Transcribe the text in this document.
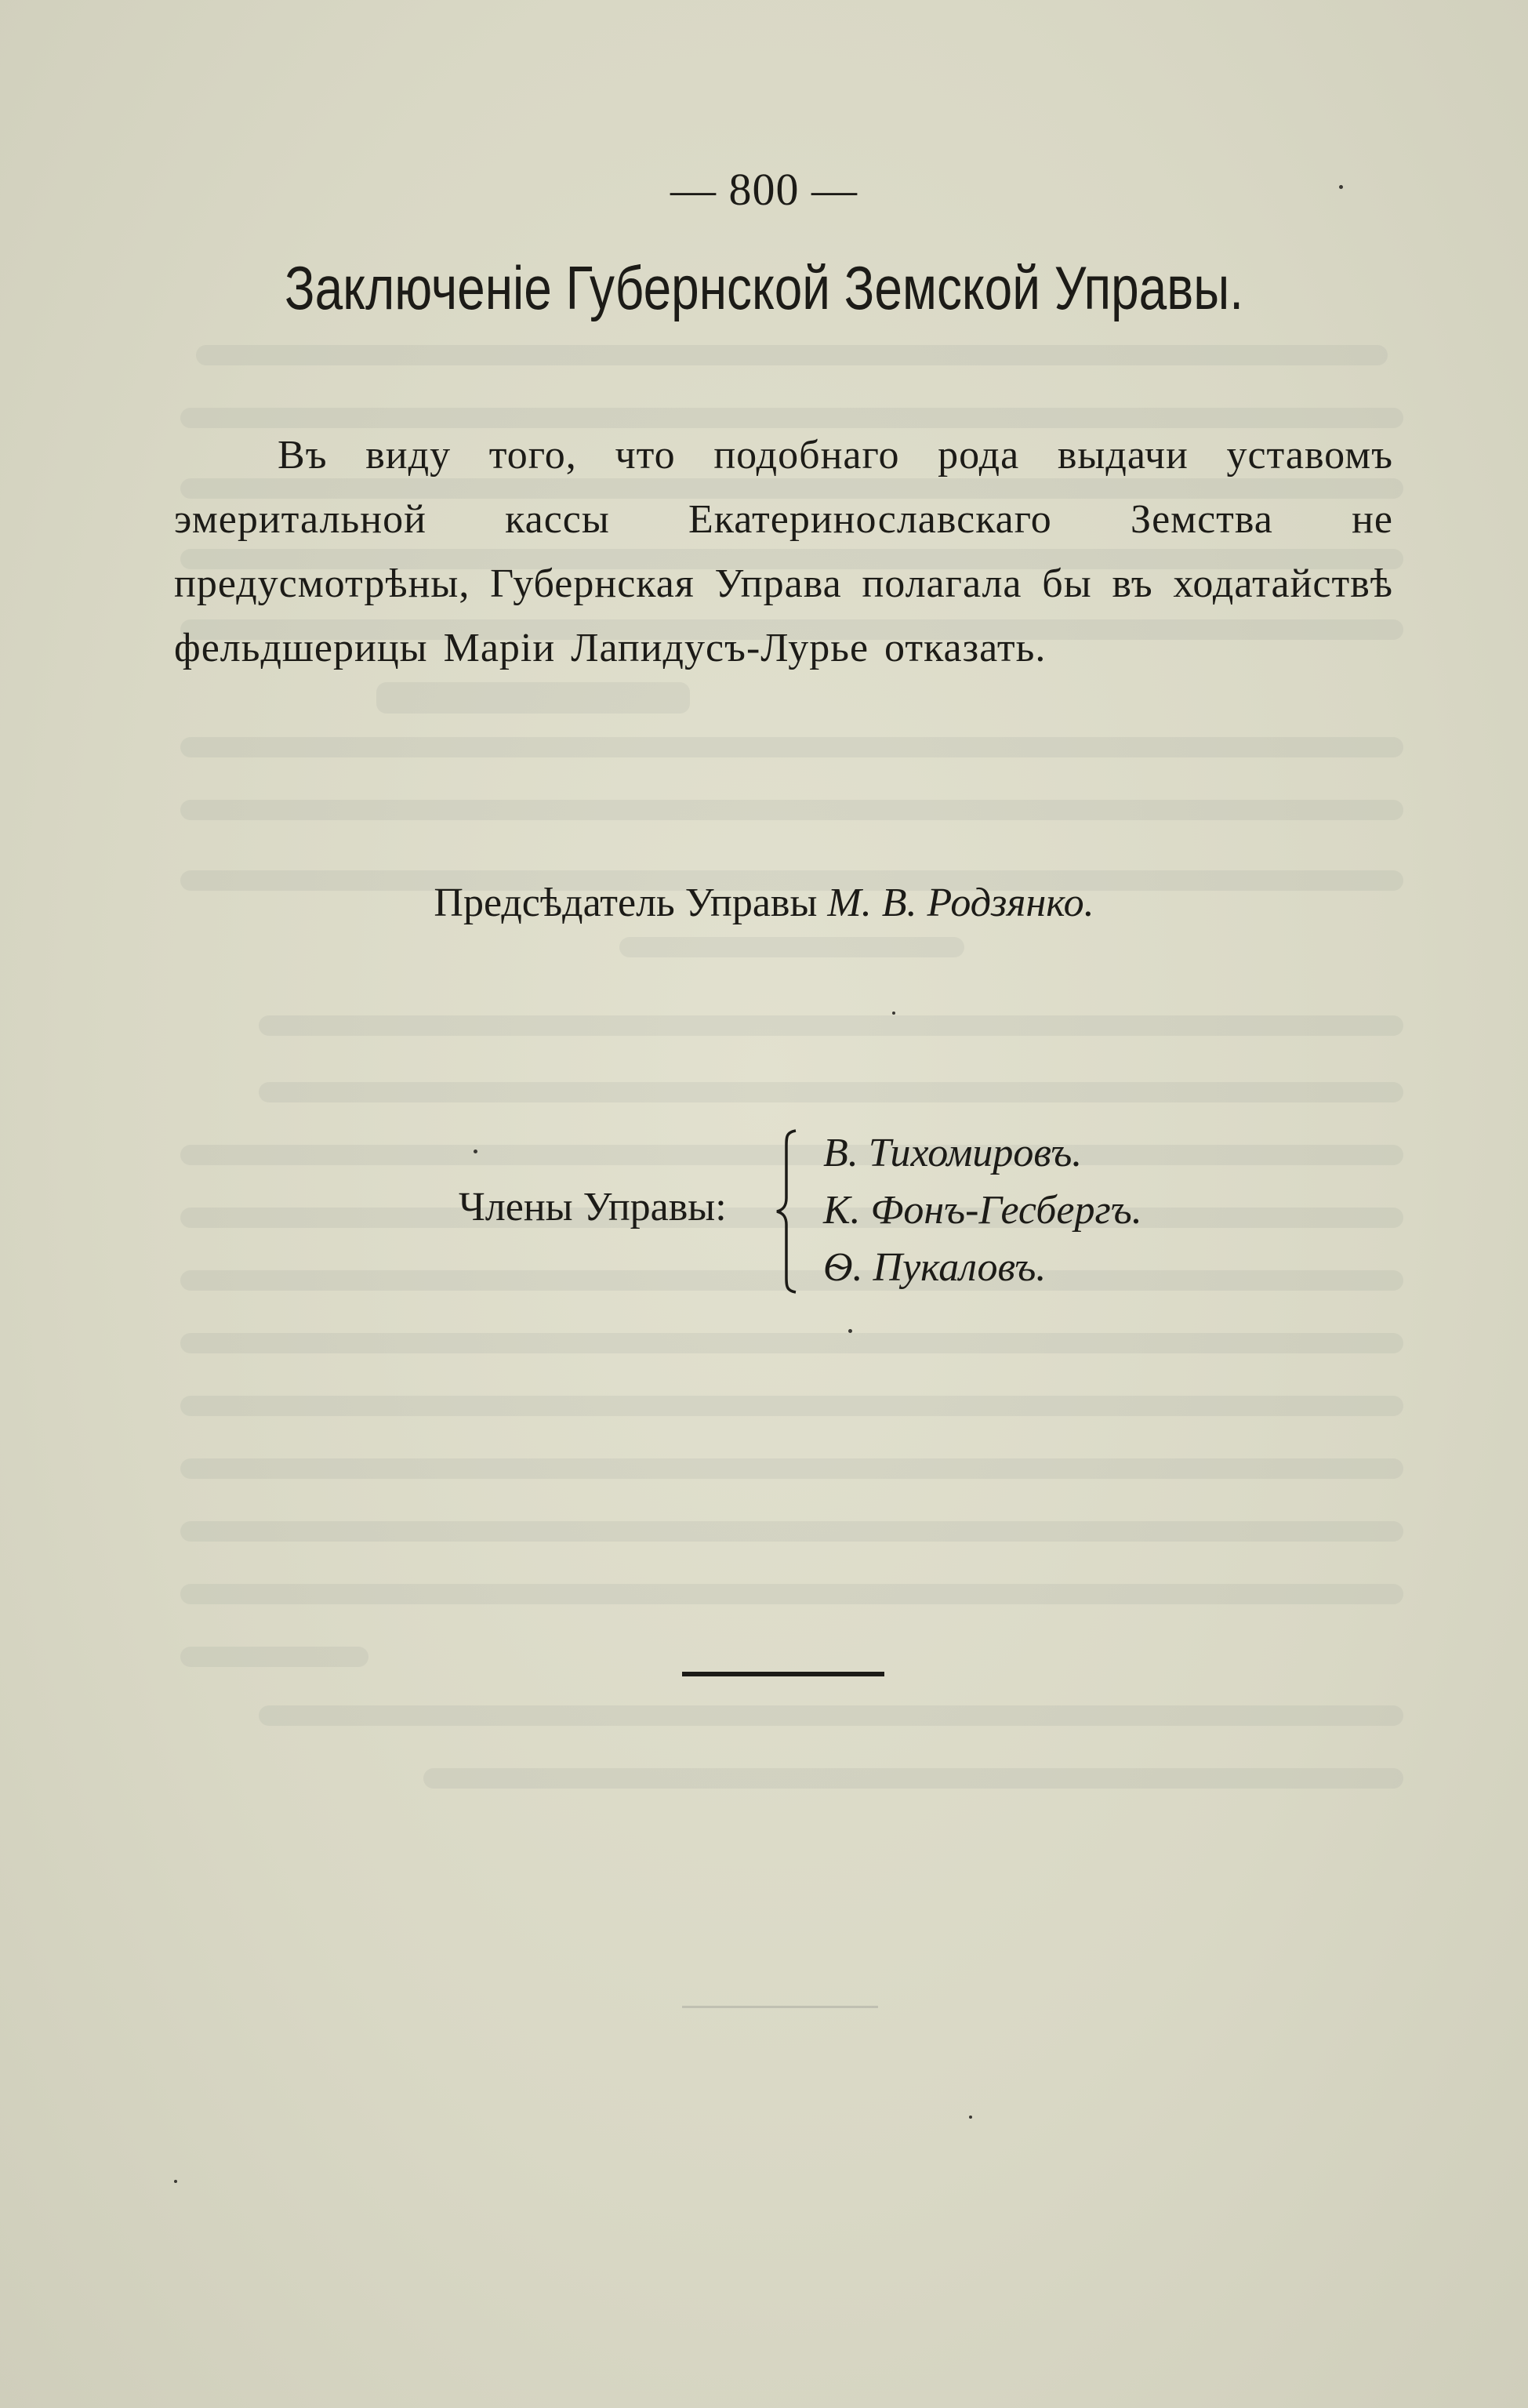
— 800 —
Заключенiе Губернской Земской Управы.

Въ виду того, что подобнаго рода выдачи уставомъ эмеритальной кассы Екатеринославскаго Земства не предусмотрѣны, Губернская Управа полагала бы въ ходатайствѣ фельдшерицы Марiи Лапидусъ-Лурье отказать.

Предсѣдатель Управы М. В. Родзянко.
Члены Управы:
В. Тихомировъ.
К. Фонъ-Гесбергъ.
Ѳ. Пукаловъ.
